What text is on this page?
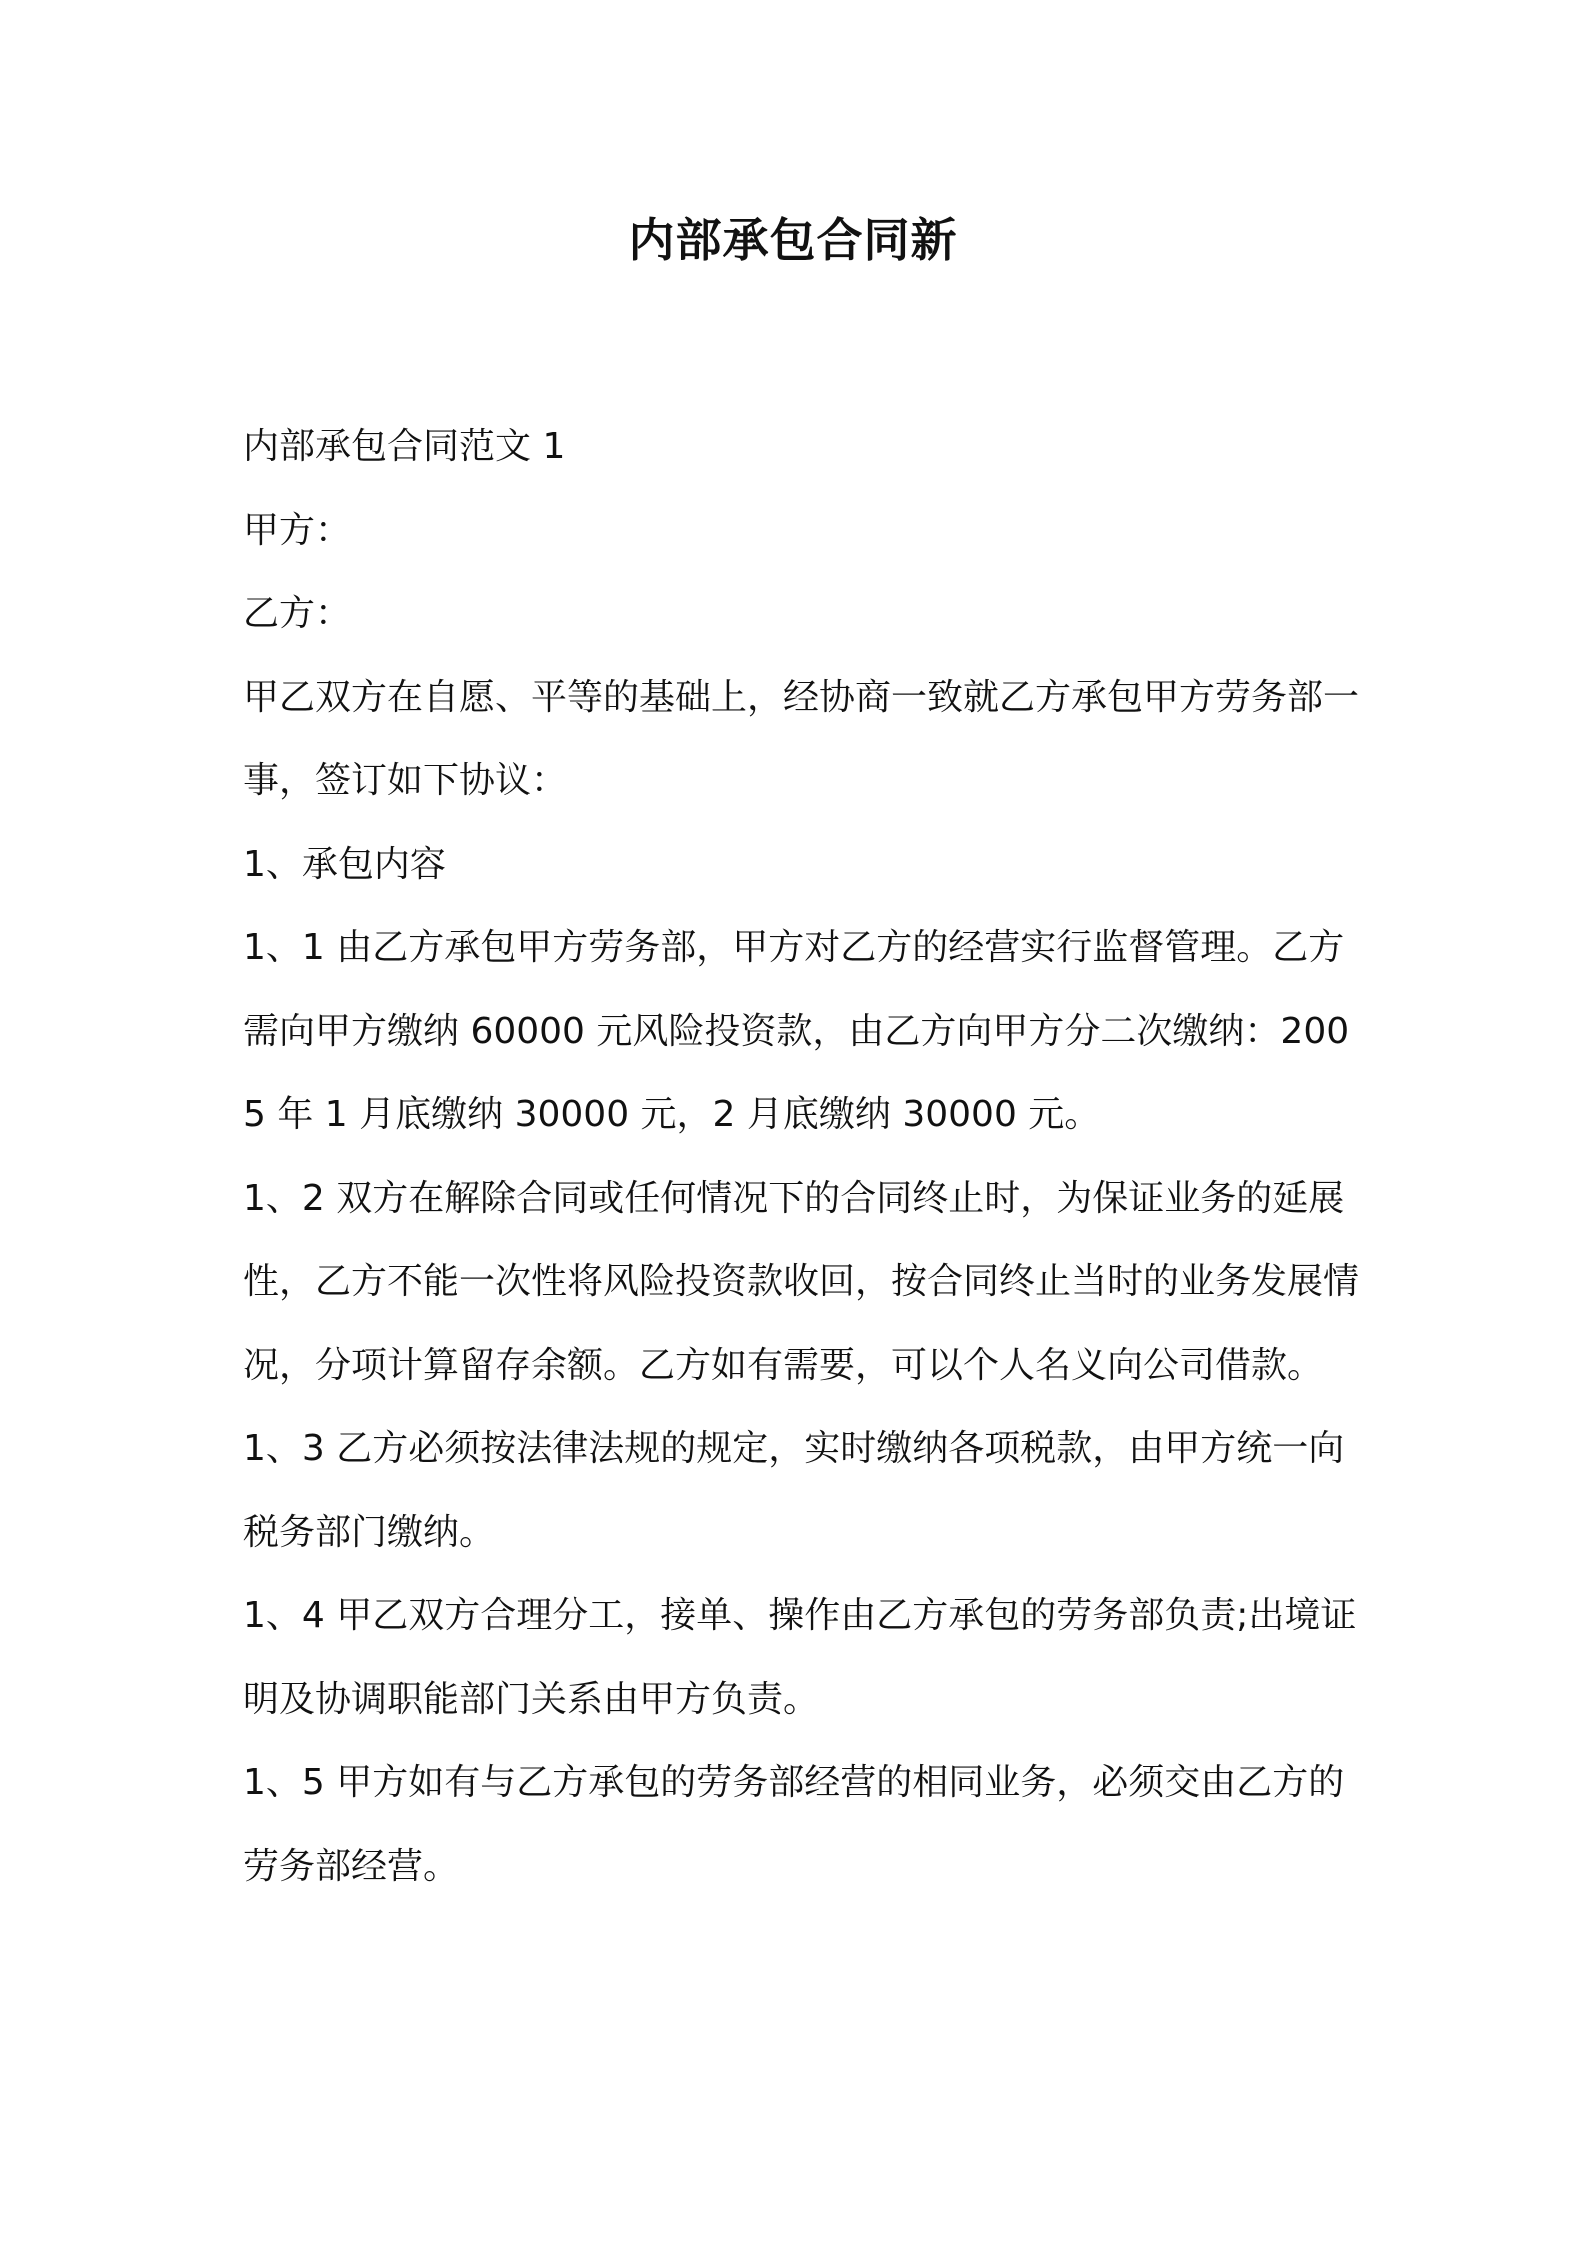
内部承包合同新

内部承包合同范文 1

甲方：

乙方：

甲乙双方在自愿、平等的基础上，经协商一致就乙方承包甲方劳务部一事，签订如下协议：

1、承包内容

1、1 由乙方承包甲方劳务部，甲方对乙方的经营实行监督管理。乙方需向甲方缴纳 60000 元风险投资款，由乙方向甲方分二次缴纳：2005 年 1 月底缴纳 30000 元，2 月底缴纳 30000 元。

1、2 双方在解除合同或任何情况下的合同终止时，为保证业务的延展性，乙方不能一次性将风险投资款收回，按合同终止当时的业务发展情况，分项计算留存余额。乙方如有需要，可以个人名义向公司借款。

1、3 乙方必须按法律法规的规定，实时缴纳各项税款，由甲方统一向税务部门缴纳。

1、4 甲乙双方合理分工，接单、操作由乙方承包的劳务部负责;出境证明及协调职能部门关系由甲方负责。

1、5 甲方如有与乙方承包的劳务部经营的相同业务，必须交由乙方的劳务部经营。
